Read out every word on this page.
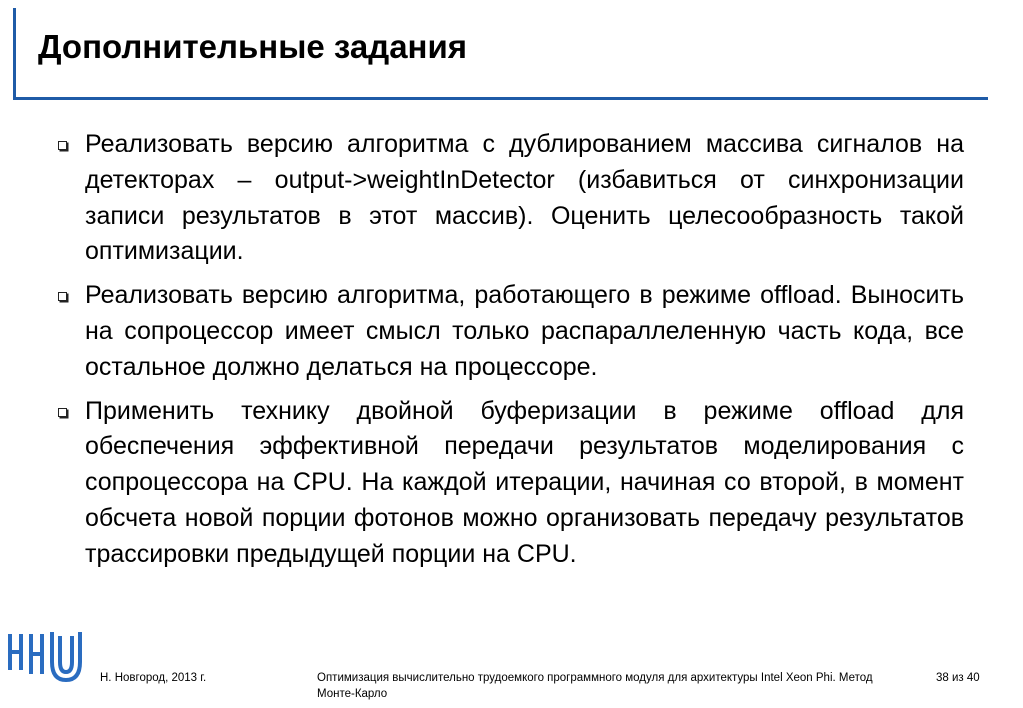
Дополнительные задания
Реализовать версию алгоритма с дублированием массива сигналов на детекторах – output->weightInDetector (избавиться от синхронизации записи результатов в этот массив). Оценить целесообразность такой оптимизации.
Реализовать версию алгоритма, работающего в режиме offload. Выносить на сопроцессор имеет смысл только распараллеленную часть кода, все остальное должно делаться на процессоре.
Применить технику двойной буферизации в режиме offload для обеспечения эффективной передачи результатов моделирования с сопроцессора на CPU. На каждой итерации, начиная со второй, в момент обсчета новой порции фотонов можно организовать передачу результатов трассировки предыдущей порции на CPU.
Н. Новгород, 2013 г.	Оптимизация вычислительно трудоемкого программного модуля для архитектуры Intel Xeon Phi. Метод Монте-Карло
38 из 40
